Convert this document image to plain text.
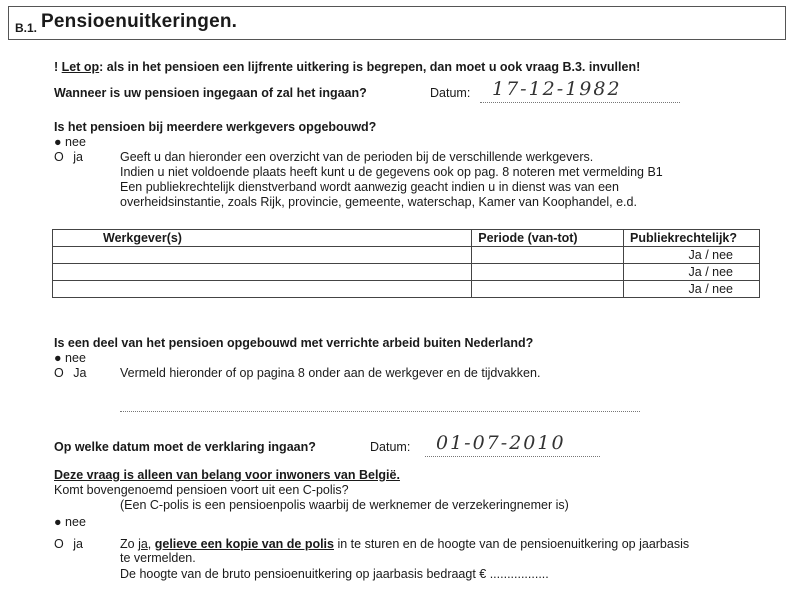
B.1. Pensioenuitkeringen.
! Let op: als in het pensioen een lijfrente uitkering is begrepen, dan moet u ook vraag B.3. invullen!
Wanneer is uw pensioen ingegaan of zal het ingaan?	Datum: 17-12-1982
Is het pensioen bij meerdere werkgevers opgebouwd?
● nee
O ja	Geeft u dan hieronder een overzicht van de perioden bij de verschillende werkgevers.
Indien u niet voldoende plaats heeft kunt u de gegevens ook op pag. 8 noteren met vermelding B1
Een publiekrechtelijk dienstverband wordt aanwezig geacht indien u in dienst was van een
overheidsinstantie, zoals Rijk, provincie, gemeente, waterschap, Kamer van Koophandel, e.d.
Werkgever(s)	Periode (van-tot)	Publiekrechtelijk?
		Ja / nee
		Ja / nee
		Ja / nee
Is een deel van het pensioen opgebouwd met verrichte arbeid buiten Nederland?
● nee
O Ja	Vermeld hieronder of op pagina 8 onder aan de werkgever en de tijdvakken.
Op welke datum moet de verklaring ingaan?	Datum: 01-07-2010
Deze vraag is alleen van belang voor inwoners van België.
Komt bovengenoemd pensioen voort uit een C-polis?
(Een C-polis is een pensioenpolis waarbij de werknemer de verzekeringnemer is)
● nee
O ja	Zo ja, gelieve een kopie van de polis in te sturen en de hoogte van de pensioenuitkering op jaarbasis
te vermelden.
De hoogte van de bruto pensioenuitkering op jaarbasis bedraagt € .................
